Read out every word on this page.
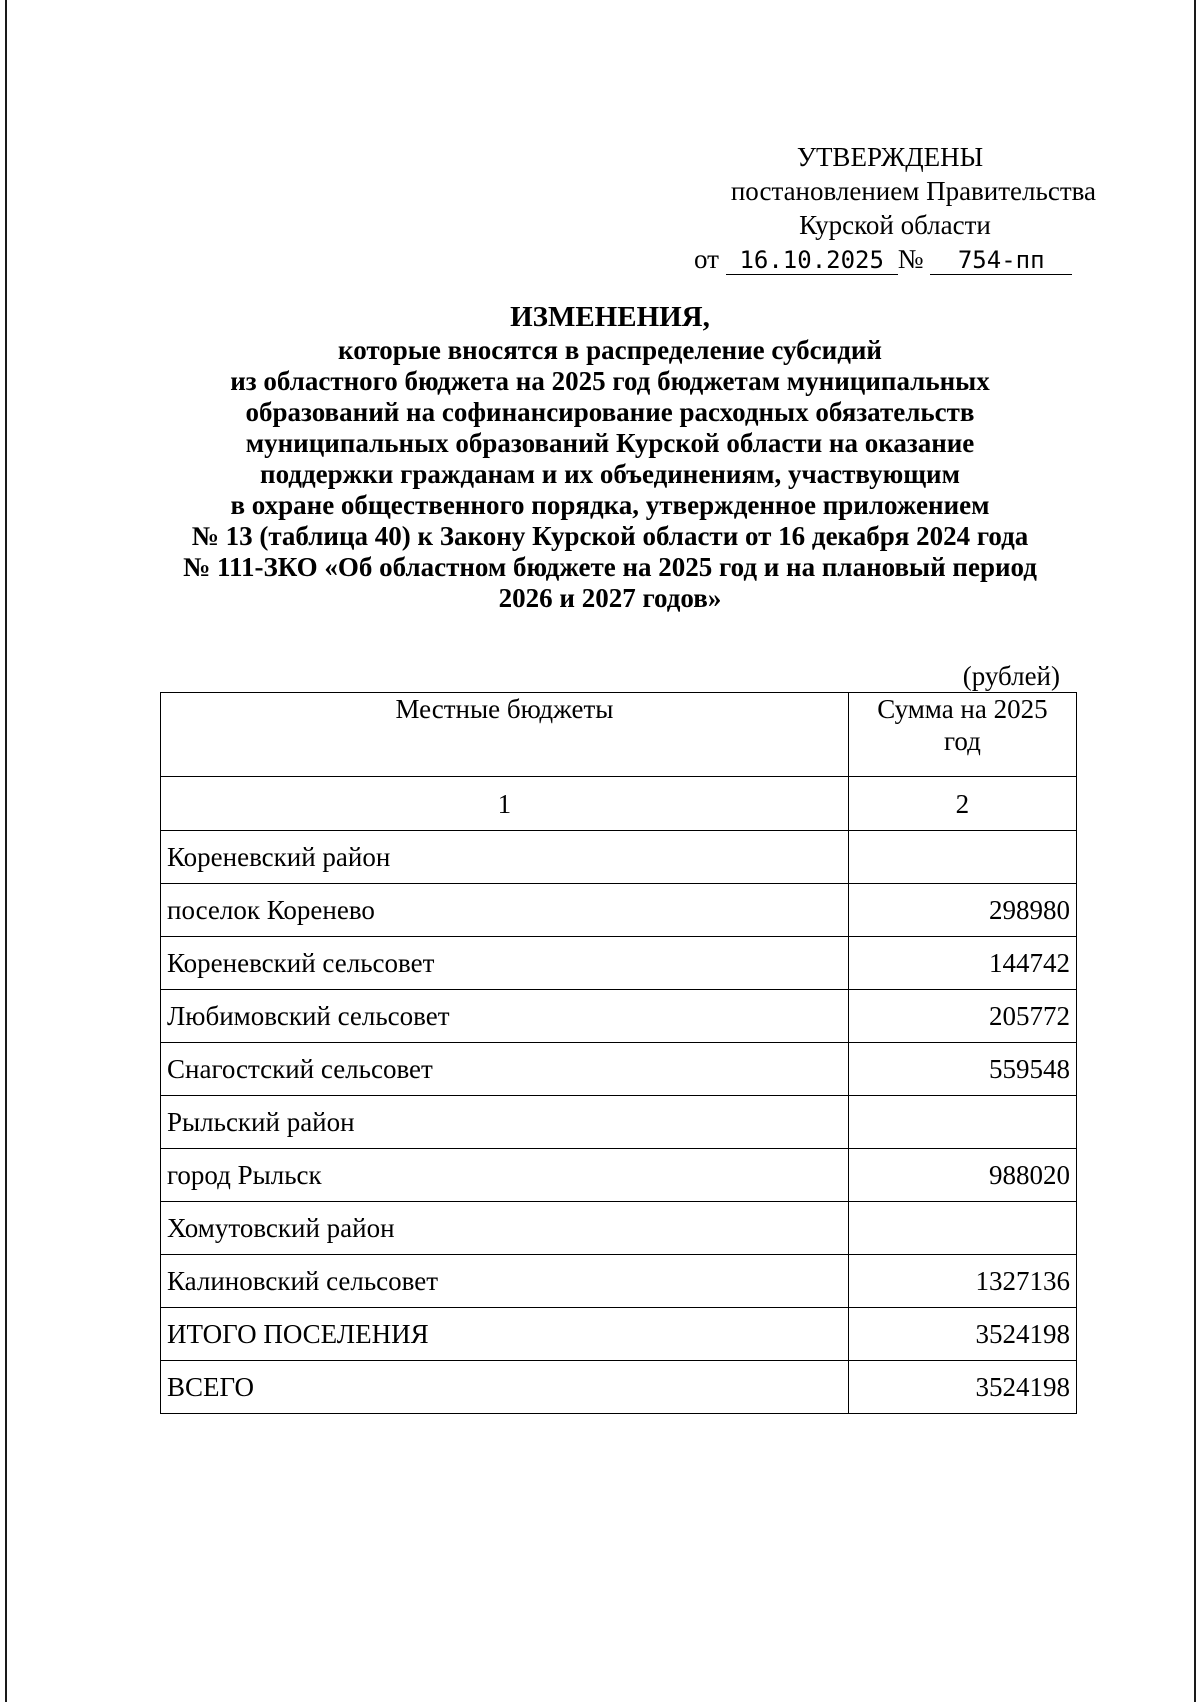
УТВЕРЖДЕНЫ
постановлением Правительства
Курской области
от 16.10.2025 № 754-пп
ИЗМЕНЕНИЯ,
которые вносятся в распределение субсидий
из областного бюджета на 2025 год бюджетам муниципальных
образований на софинансирование расходных обязательств
муниципальных образований Курской области на оказание
поддержки гражданам и их объединениям, участвующим
в охране общественного порядка, утвержденное приложением
№ 13 (таблица 40) к Закону Курской области от 16 декабря 2024 года
№ 111-ЗКО «Об областном бюджете на 2025 год и на плановый период
2026 и 2027 годов»
(рублей)
Местные бюджеты	Сумма на 2025
год

1	2
Кореневский район	
поселок Коренево	298980
Кореневский сельсовет	144742
Любимовский сельсовет	205772
Снагостский сельсовет	559548
Рыльский район	
город Рыльск	988020
Хомутовский район	
Калиновский сельсовет	1327136
ИТОГО ПОСЕЛЕНИЯ	3524198
ВСЕГО	3524198
